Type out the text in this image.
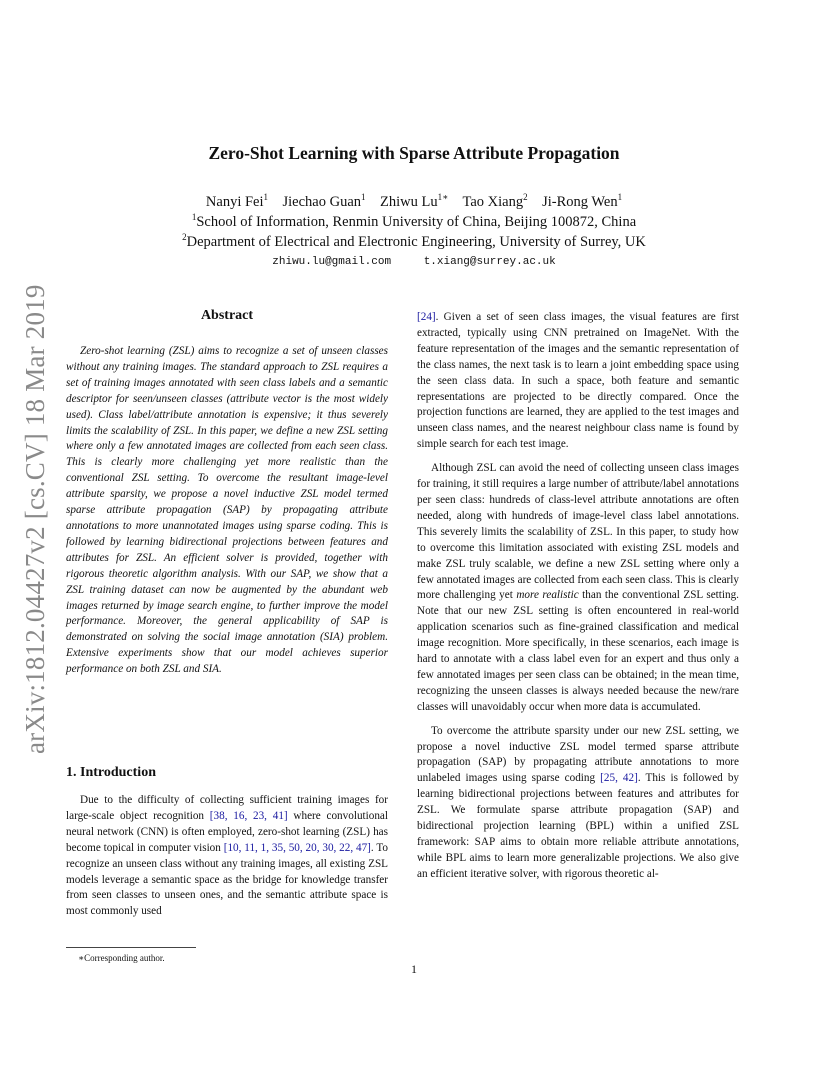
arXiv:1812.04427v2 [cs.CV] 18 Mar 2019
Zero-Shot Learning with Sparse Attribute Propagation
Nanyi Fei$^1$ Jiechao Guan$^1$ Zhiwu $Lu^{1∗}$ Tao Xiang$^2$ Ji-Rong Wen$^1$
$^1$School of Information, Renmin University of China, Beijing 100872, China
$^2$Department of Electrical and Electronic Engineering, University of Surrey, UK
zhiwu.lu@gmail.com	t.xiang@surrey.ac.uk
Abstract

Zero-shot learning (ZSL) aims to recognize a set of unseen classes without any training images. The standard approach to ZSL requires a set of training images annotated with seen class labels and a semantic descriptor for seen/unseen classes (attribute vector is the most widely used). Class label/attribute annotation is expensive; it thus severely limits the scalability of ZSL. In this paper, we define a new ZSL setting where only a few annotated images are collected from each seen class. This is clearly more challenging yet more realistic than the conventional ZSL setting. To overcome the resultant image-level attribute sparsity, we propose a novel inductive ZSL model termed sparse attribute propagation (SAP) by propagating attribute annotations to more unannotated images using sparse coding. This is followed by learning bidirectional projections between features and attributes for ZSL. An efficient solver is provided, together with rigorous theoretic algorithm analysis. With our SAP, we show that a ZSL training dataset can now be augmented by the abundant web images returned by image search engine, to further improve the model performance. Moreover, the general applicability of SAP is demonstrated on solving the social image annotation (SIA) problem. Extensive experiments show that our model achieves superior performance on both ZSL and SIA.

1. Introduction

Due to the difficulty of collecting sufficient training images for large-scale object recognition [38, 16, 23, 41] where convolutional neural network (CNN) is often employed, zero-shot learning (ZSL) has become topical in computer vision [10, 11, 1, 35, 50, 20, 30, 22, 47]. To recognize an unseen class without any training images, all existing ZSL models leverage a semantic space as the bridge for knowledge transfer from seen classes to unseen ones, and the semantic attribute space is most commonly used

[24]. Given a set of seen class images, the visual features are first extracted, typically using CNN pretrained on ImageNet. With the feature representation of the images and the semantic representation of the class names, the next task is to learn a joint embedding space using the seen class data. In such a space, both feature and semantic representations are projected to be directly compared. Once the projection functions are learned, they are applied to the test images and unseen class names, and the nearest neighbour class name is found by simple search for each test image.

Although ZSL can avoid the need of collecting unseen class images for training, it still requires a large number of attribute/label annotations per seen class: hundreds of class-level attribute annotations are often needed, along with hundreds of image-level class label annotations. This severely limits the scalability of ZSL. In this paper, to study how to overcome this limitation associated with existing ZSL models and make ZSL truly scalable, we define a new ZSL setting where only a few annotated images are collected from each seen class. This is clearly more challenging yet more realistic than the conventional ZSL setting. Note that our new ZSL setting is often encountered in real-world application scenarios such as fine-grained classification and medical image recognition. More specifically, in these scenarios, each image is hard to annotate with a class label even for an expert and thus only a few annotated images per seen class can be obtained; in the mean time, recognizing the unseen classes is always needed because the new/rare classes will unavoidably occur when more data is accumulated.

To overcome the attribute sparsity under our new ZSL setting, we propose a novel inductive ZSL model termed sparse attribute propagation (SAP) by propagating attribute annotations to more unlabeled images using sparse coding [25, 42]. This is followed by learning bidirectional projections between features and attributes for ZSL. We formulate sparse attribute propagation (SAP) and bidirectional projection learning (BPL) within a unified ZSL framework: SAP aims to obtain more reliable attribute annotations, while BPL aims to learn more generalizable projections. We also give an efficient iterative solver, with rigorous theoretic al-

∗Corresponding author.
1
